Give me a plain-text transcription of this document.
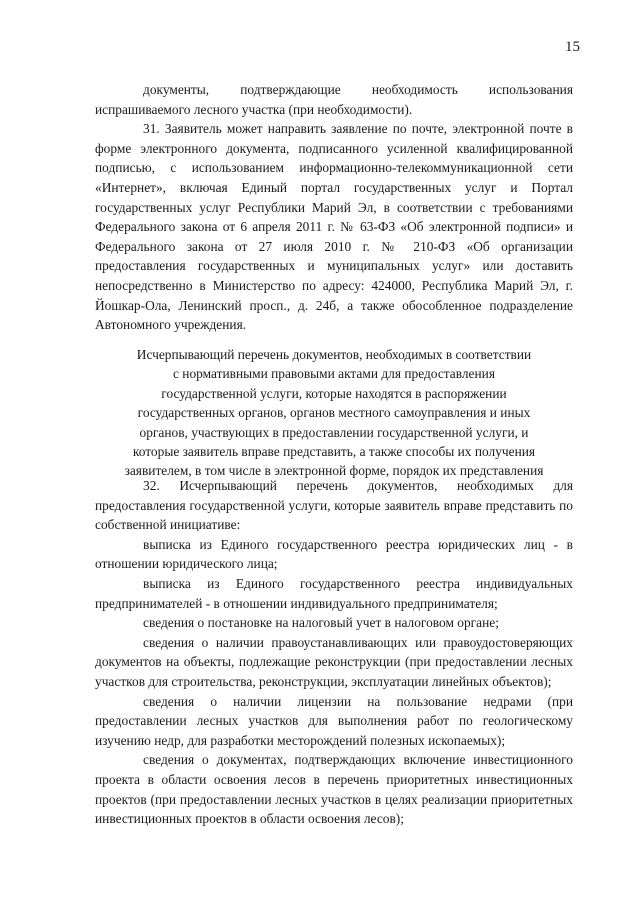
15

документы, подтверждающие необходимость использования испрашиваемого лесного участка (при необходимости).

31. Заявитель может направить заявление по почте, электронной почте в форме электронного документа, подписанного усиленной квалифицированной подписью, с использованием информационно-телекоммуникационной сети «Интернет», включая Единый портал государственных услуг и Портал государственных услуг Республики Марий Эл, в соответствии с требованиями Федерального закона от 6 апреля 2011 г. № 63-ФЗ «Об электронной подписи» и Федерального закона от 27 июля 2010 г. № 210-ФЗ «Об организации предоставления государственных и муниципальных услуг» или доставить непосредственно в Министерство по адресу: 424000, Республика Марий Эл, г. Йошкар-Ола, Ленинский просп., д. 24б, а также обособленное подразделение Автономного учреждения.

Исчерпывающий перечень документов, необходимых в соответствии
с нормативными правовыми актами для предоставления
государственной услуги, которые находятся в распоряжении
государственных органов, органов местного самоуправления и иных
органов, участвующих в предоставлении государственной услуги, и
которые заявитель вправе представить, а также способы их получения
заявителем, в том числе в электронной форме, порядок их представления

32. Исчерпывающий перечень документов, необходимых для предоставления государственной услуги, которые заявитель вправе представить по собственной инициативе:

выписка из Единого государственного реестра юридических лиц - в отношении юридического лица;

выписка из Единого государственного реестра индивидуальных предпринимателей - в отношении индивидуального предпринимателя;

сведения о постановке на налоговый учет в налоговом органе;

сведения о наличии правоустанавливающих или правоудостоверяющих документов на объекты, подлежащие реконструкции (при предоставлении лесных участков для строительства, реконструкции, эксплуатации линейных объектов);

сведения о наличии лицензии на пользование недрами (при предоставлении лесных участков для выполнения работ по геологическому изучению недр, для разработки месторождений полезных ископаемых);

сведения о документах, подтверждающих включение инвестиционного проекта в области освоения лесов в перечень приоритетных инвестиционных проектов (при предоставлении лесных участков в целях реализации приоритетных инвестиционных проектов в области освоения лесов);
